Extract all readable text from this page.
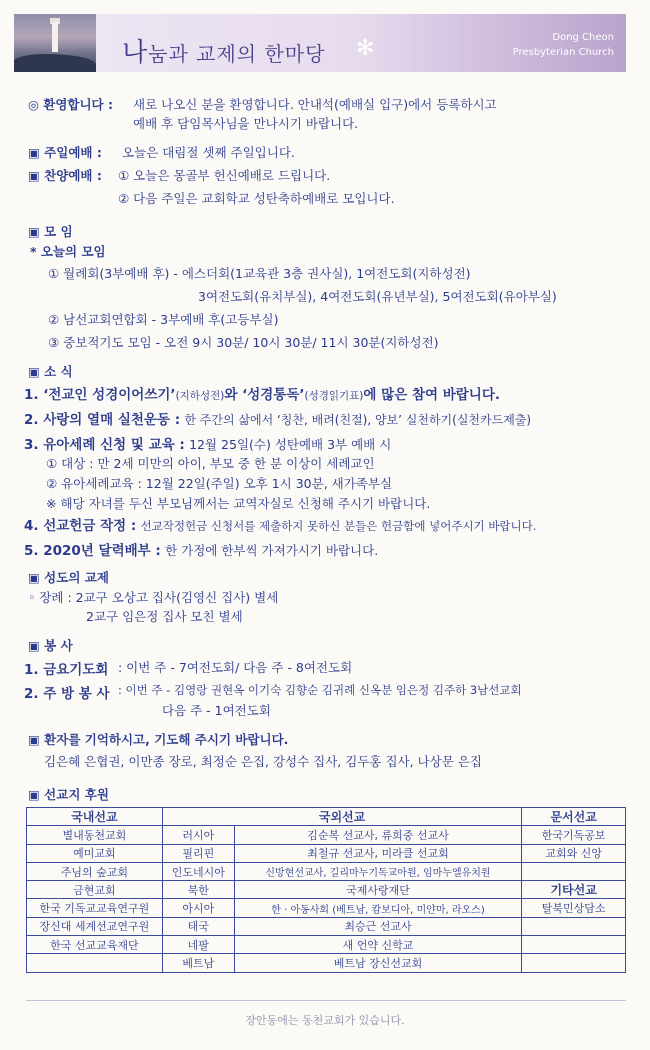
나눔과 교제의 한마당 ✻	Dong Cheon
Presbyterian Church
◎ 환영합니다 : 새로 나오신 분을 환영합니다. 안내석(예배실 입구)에서 등록하시고
예배 후 담임목사님을 만나시기 바랍니다.
▣ 주일예배 : 오늘은 대림절 셋째 주일입니다.
▣ 찬양예배 : ① 오늘은 몽골부 헌신예배로 드립니다.
② 다음 주일은 교회학교 성탄축하예배로 모입니다.
▣ 모 임
* 오늘의 모임
① 월례회(3부예배 후) - 에스더회(1교육관 3층 권사실), 1여전도회(지하성전)
3여전도회(유치부실), 4여전도회(유년부실), 5여전도회(유아부실)
② 남선교회연합회 - 3부예배 후(고등부실)
③ 중보적기도 모임 - 오전 9시 30분/ 10시 30분/ 11시 30분(지하성전)
▣ 소 식
1. ‘전교인 성경이어쓰기’(지하성전)와 ‘성경통독’(성경읽기표)에 많은 참여 바랍니다.
2. 사랑의 열매 실천운동 : 한 주간의 삶에서 ‘칭찬, 배려(친절), 양보’ 실천하기(실천카드제출)
3. 유아세례 신청 및 교육 : 12월 25일(수) 성탄예배 3부 예배 시
① 대상 : 만 2세 미만의 아이, 부모 중 한 분 이상이 세례교인
② 유아세례교육 : 12월 22일(주일) 오후 1시 30분, 새가족부실
※ 해당 자녀를 두신 부모님께서는 교역자실로 신청해 주시기 바랍니다.
4. 선교헌금 작정 : 선교작정헌금 신청서를 제출하지 못하신 분들은 헌금함에 넣어주시기 바랍니다.
5. 2020년 달력배부 : 한 가정에 한부씩 가져가시기 바랍니다.
▣ 성도의 교제
◦ 장례 : 2교구 오상고 집사(김영신 집사) 별세
2교구 임은정 집사 모친 별세
▣ 봉 사
1. 금요기도회 : 이번 주 - 7여전도회/ 다음 주 - 8여전도회
2. 주 방 봉 사 : 이번 주 - 김영랑 권현옥 이기숙 김향순 김귀례 신옥분 임은정 김주하 3남선교회
다음 주 - 1여전도회
▣ 환자를 기억하시고, 기도해 주시기 바랍니다.
김은혜 은협권, 이만종 장로, 최정순 은집, 강성수 집사, 김두홍 집사, 나상문 은집
▣ 선교지 후원
국내선교	국외선교		문서선교
별내동천교회	러시아	김순복 선교사, 류희중 선교사	한국기독공보
예미교회	필리핀	최철규 선교사, 미라클 선교회	교회와 신앙
주님의 숲교회	인도네시아	신방현선교사, 길리마누기독교아원, 임마누엘유치원	
금현교회	북한	국제사랑재단	기타선교
한국 기독교교육연구원	아시아	한 · 아동사회 (베트남, 캄보디아, 미얀마, 라오스)	탈북민상담소
장신대 세계선교연구원	태국	최승근 선교사	
한국 선교교육재단	네팔	새 언약 신학교	
	베트남	베트남 장신선교회	
장안동에는 동천교회가 있습니다.
